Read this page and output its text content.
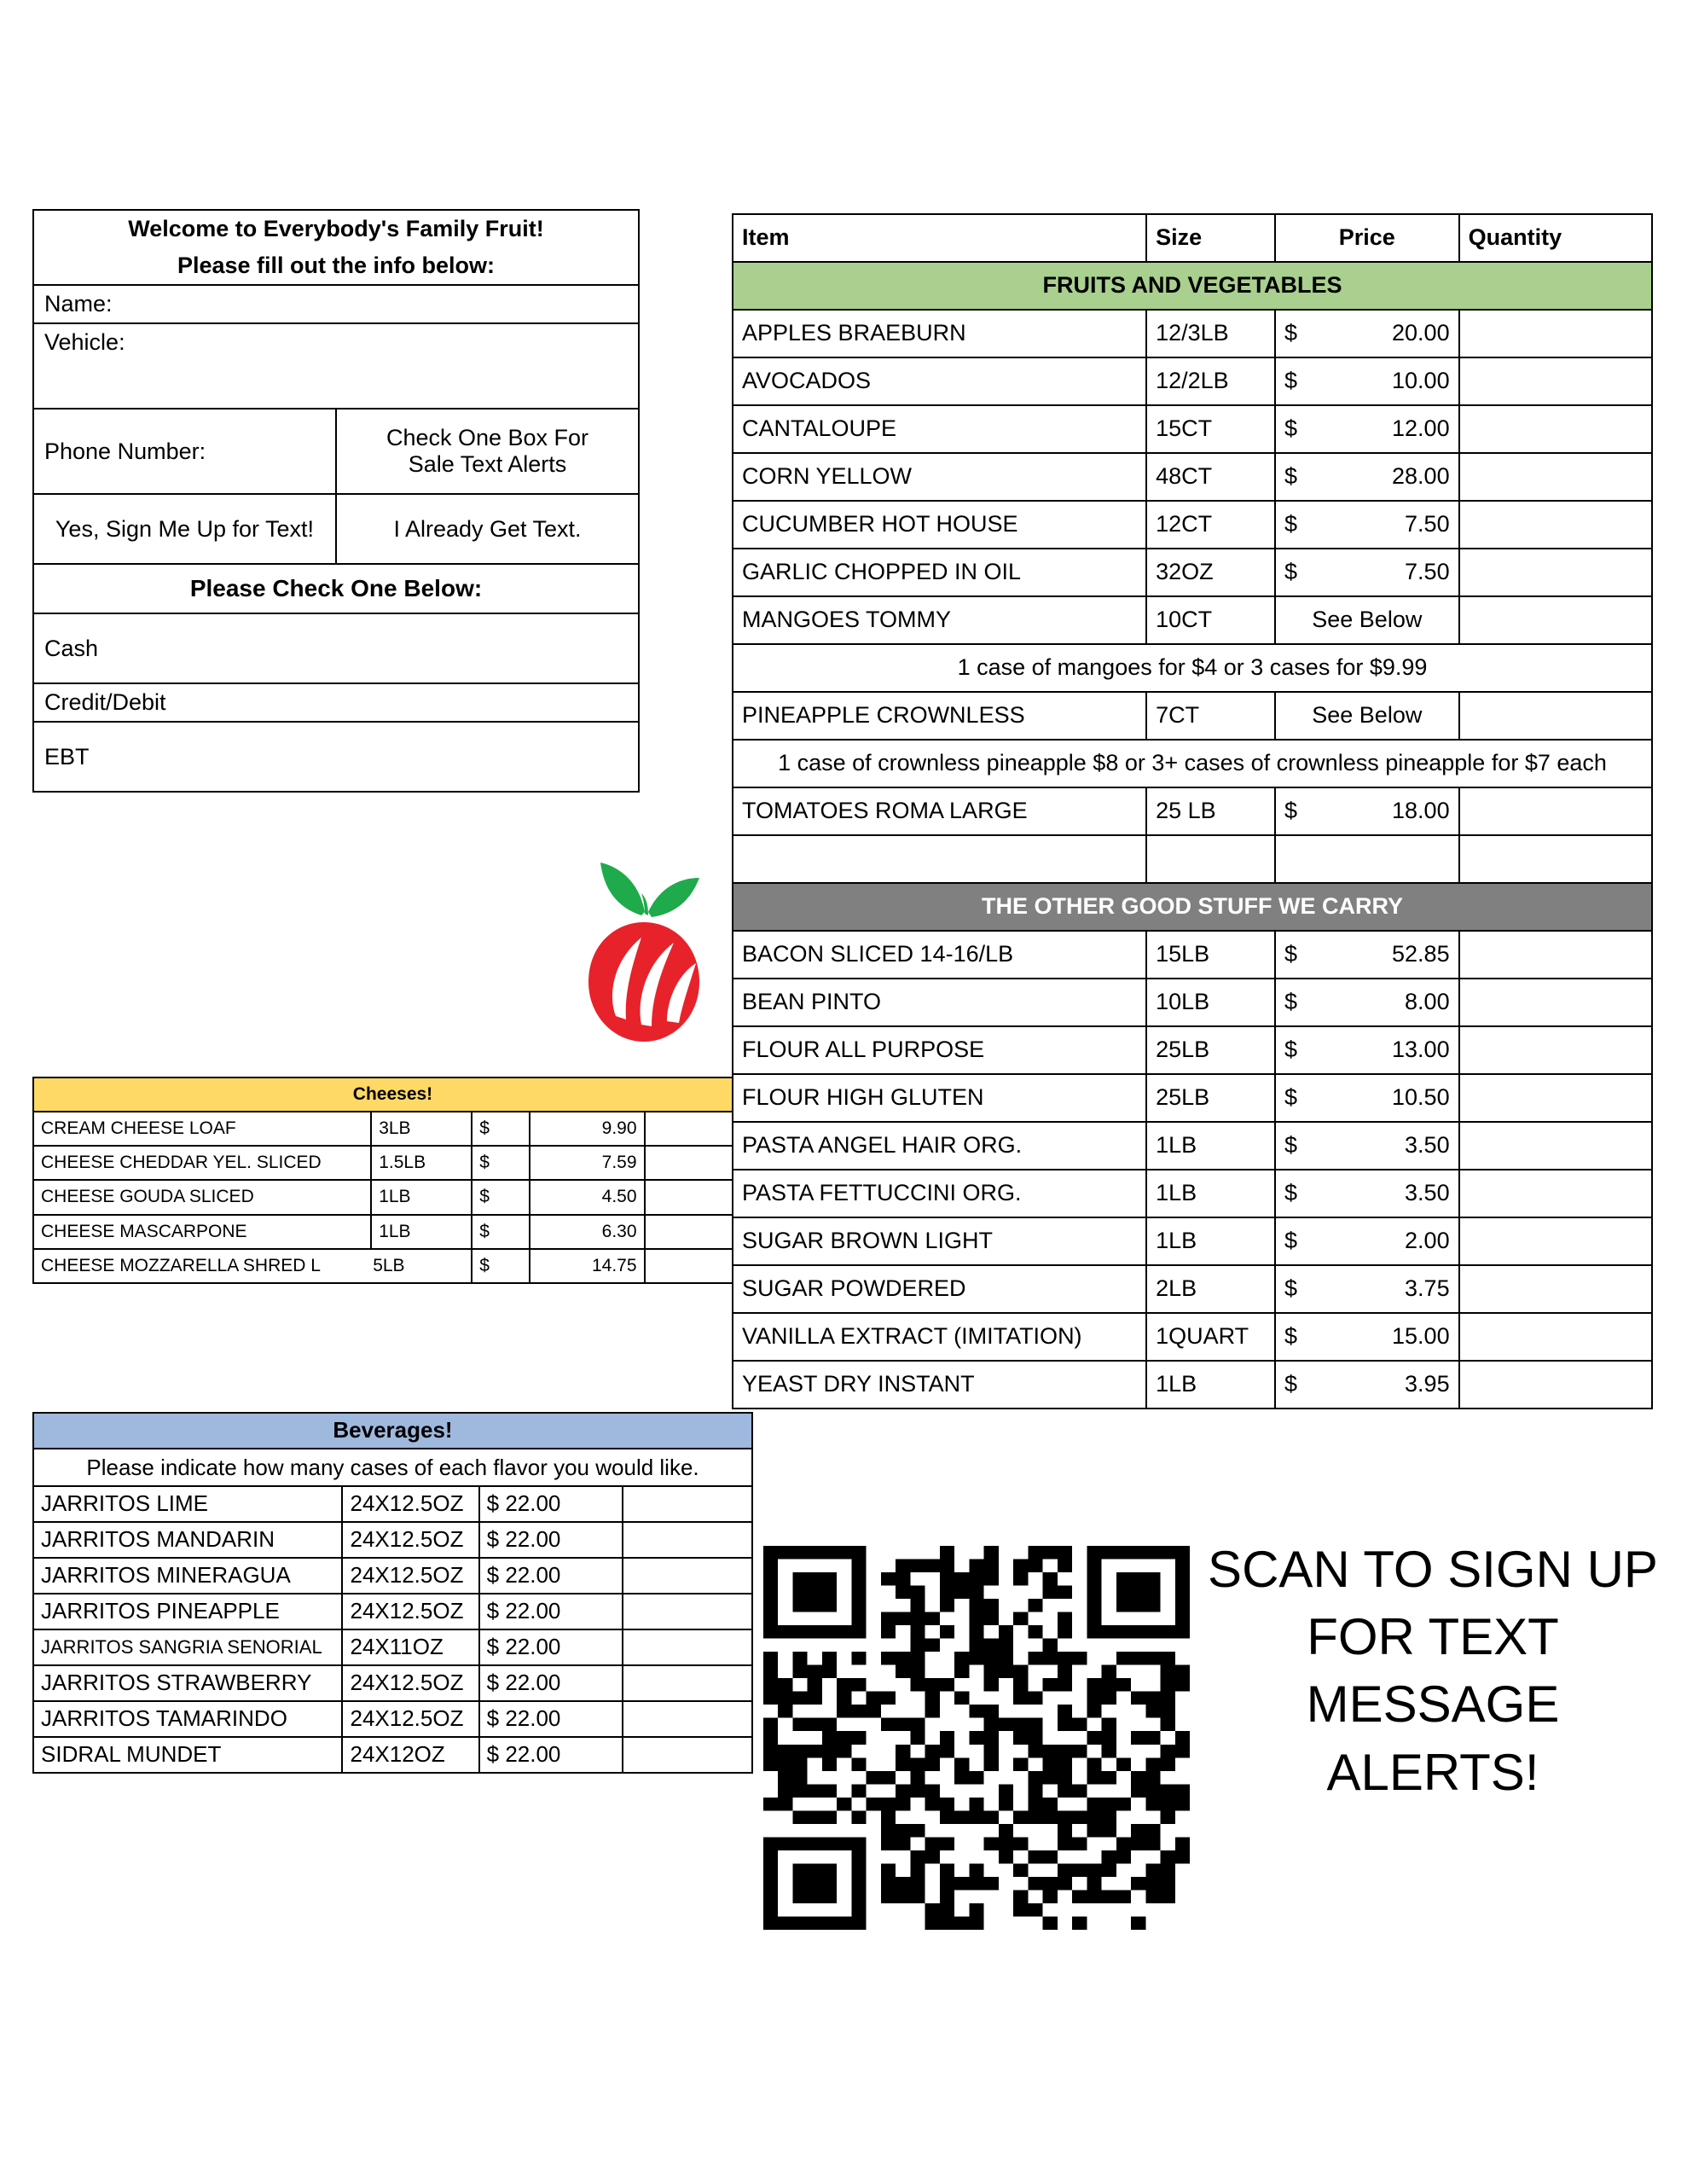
Welcome to Everybody's Family Fruit!	
Please fill out the info below:	
Name:	
Vehicle:	
Phone Number:	Check One Box For
Sale Text Alerts

Yes, Sign Me Up for Text!	I Already Get Text.
Please Check One Below:	
Cash	
Credit/Debit	
EBT	
Cheeses!				
CREAM CHEESE LOAF	3LB	$	9.90	
CHEESE CHEDDAR YEL. SLICED	1.5LB	$	7.59	
CHEESE GOUDA SLICED	1LB	$	4.50	
CHEESE MASCARPONE	1LB	$	6.30	
CHEESE MOZZARELLA SHRED L	5LB	$	14.75	
Beverages!			
Please indicate how many cases of each flavor you would like.			
JARRITOS LIME	24X12.5OZ	$ 22.00	
JARRITOS MANDARIN	24X12.5OZ	$ 22.00	
JARRITOS MINERAGUA	24X12.5OZ	$ 22.00	
JARRITOS PINEAPPLE	24X12.5OZ	$ 22.00	
JARRITOS SANGRIA SENORIAL	24X11OZ	$ 22.00	
JARRITOS STRAWBERRY	24X12.5OZ	$ 22.00	
JARRITOS TAMARINDO	24X12.5OZ	$ 22.00	
SIDRAL MUNDET	24X12OZ	$ 22.00	
Item	Size	Price		Quantity
FRUITS AND VEGETABLES				
APPLES BRAEBURN	12/3LB	$	20.00	
AVOCADOS	12/2LB	$	10.00	
CANTALOUPE	15CT	$	12.00	
CORN YELLOW	48CT	$	28.00	
CUCUMBER HOT HOUSE	12CT	$	7.50	
GARLIC CHOPPED IN OIL	32OZ	$	7.50	
MANGOES TOMMY	10CT	See Below		
1 case of mangoes for $4 or 3 cases for $9.99				
PINEAPPLE CROWNLESS	7CT	See Below		
1 case of crownless pineapple $8 or 3+ cases of crownless pineapple for $7 each				
TOMATOES ROMA LARGE	25 LB	$	18.00	

THE OTHER GOOD STUFF WE CARRY				
BACON SLICED 14-16/LB	15LB	$	52.85	
BEAN PINTO	10LB	$	8.00	
FLOUR ALL PURPOSE	25LB	$	13.00	
FLOUR HIGH GLUTEN	25LB	$	10.50	
PASTA ANGEL HAIR ORG.	1LB	$	3.50	
PASTA FETTUCCINI ORG.	1LB	$	3.50	
SUGAR BROWN LIGHT	1LB	$	2.00	
SUGAR POWDERED	2LB	$	3.75	
VANILLA EXTRACT (IMITATION)	1QUART	$	15.00	
YEAST DRY INSTANT	1LB	$	3.95	
SCAN TO SIGN UP FOR TEXT MESSAGE ALERTS!
